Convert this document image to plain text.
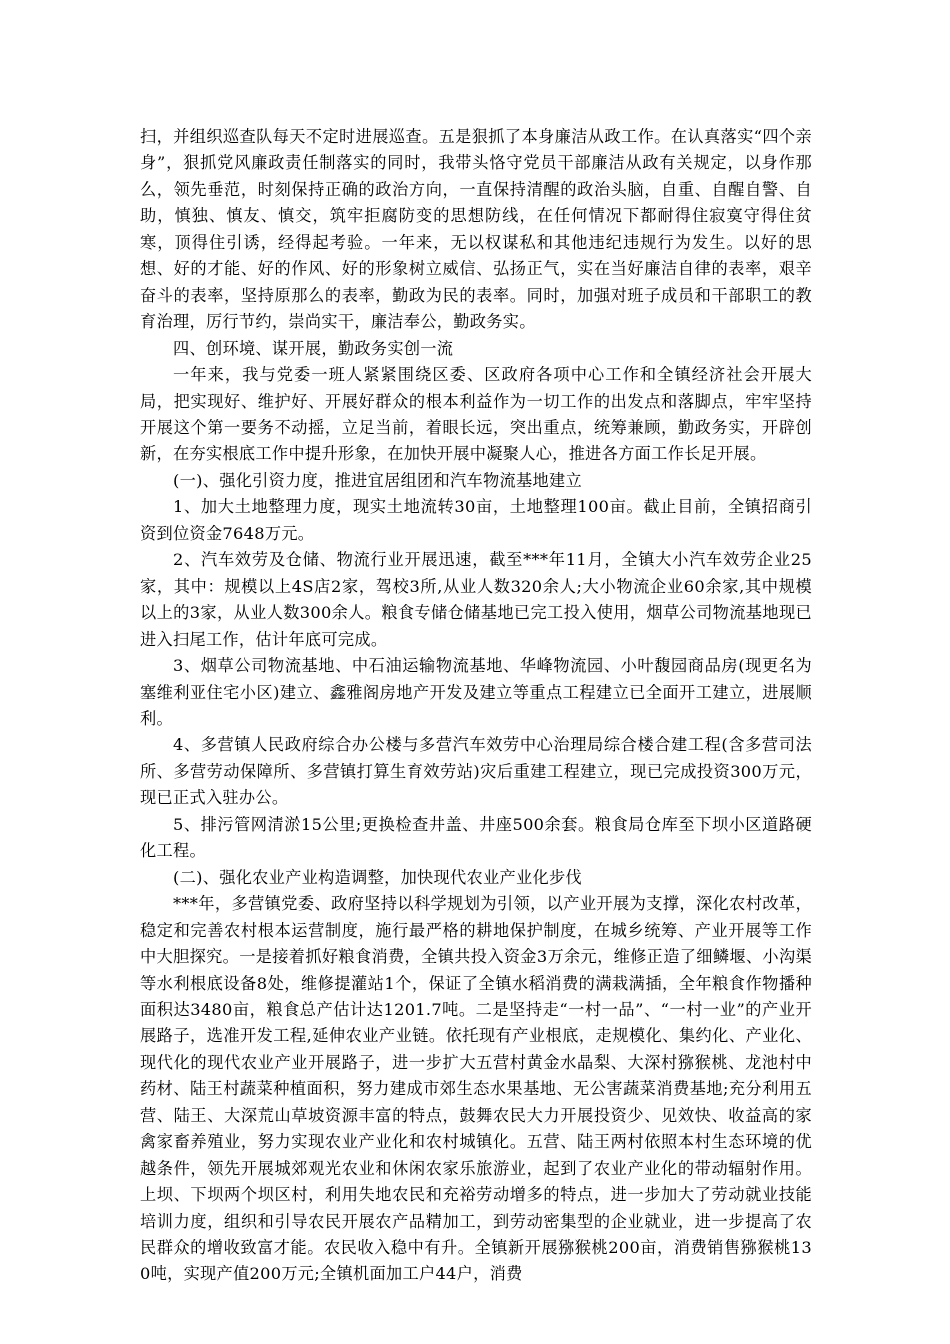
扫，并组织巡查队每天不定时进展巡查。五是狠抓了本身廉洁从政工作。在认真落实“四个亲身”，狠抓党风廉政责任制落实的同时，我带头恪守党员干部廉洁从政有关规定，以身作那么，领先垂范，时刻保持正确的政治方向，一直保持清醒的政治头脑，自重、自醒自警、自助，慎独、慎友、慎交，筑牢拒腐防变的思想防线，在任何情况下都耐得住寂寞守得住贫寒，顶得住引诱，经得起考验。一年来，无以权谋私和其他违纪违规行为发生。以好的思想、好的才能、好的作风、好的形象树立威信、弘扬正气，实在当好廉洁自律的表率，艰辛奋斗的表率，坚持原那么的表率，勤政为民的表率。同时，加强对班子成员和干部职工的教育治理，厉行节约，崇尚实干，廉洁奉公，勤政务实。

四、创环境、谋开展，勤政务实创一流

一年来，我与党委一班人紧紧围绕区委、区政府各项中心工作和全镇经济社会开展大局，把实现好、维护好、开展好群众的根本利益作为一切工作的出发点和落脚点，牢牢坚持开展这个第一要务不动摇，立足当前，着眼长远，突出重点，统筹兼顾，勤政务实，开辟创新，在夯实根底工作中提升形象，在加快开展中凝聚人心，推进各方面工作长足开展。

(一)、强化引资力度，推进宜居组团和汽车物流基地建立

1、加大土地整理力度，现实土地流转30亩，土地整理100亩。截止目前，全镇招商引资到位资金7648万元。

2、汽车效劳及仓储、物流行业开展迅速，截至***年11月，全镇大小汽车效劳企业25家，其中：规模以上4S店2家，驾校3所,从业人数320余人;大小物流企业60余家,其中规模以上的3家，从业人数300余人。粮食专储仓储基地已完工投入使用，烟草公司物流基地现已进入扫尾工作，估计年底可完成。

3、烟草公司物流基地、中石油运输物流基地、华峰物流园、小叶馥园商品房(现更名为塞维利亚住宅小区)建立、鑫雅阁房地产开发及建立等重点工程建立已全面开工建立，进展顺利。

4、多营镇人民政府综合办公楼与多营汽车效劳中心治理局综合楼合建工程(含多营司法所、多营劳动保障所、多营镇打算生育效劳站)灾后重建工程建立，现已完成投资300万元，现已正式入驻办公。

5、排污管网清淤15公里;更换检查井盖、井座500余套。粮食局仓库至下坝小区道路硬化工程。

(二)、强化农业产业构造调整，加快现代农业产业化步伐

***年，多营镇党委、政府坚持以科学规划为引领，以产业开展为支撑，深化农村改革，稳定和完善农村根本运营制度，施行最严格的耕地保护制度，在城乡统筹、产业开展等工作中大胆探究。一是接着抓好粮食消费，全镇共投入资金3万余元，维修正造了细鳞堰、小沟渠等水利根底设备8处，维修提灌站1个，保证了全镇水稻消费的满栽满插，全年粮食作物播种面积达3480亩，粮食总产估计达1201.7吨。二是坚持走“一村一品”、“一村一业”的产业开展路子，选准开发工程,延伸农业产业链。依托现有产业根底，走规模化、集约化、产业化、现代化的现代农业产业开展路子，进一步扩大五营村黄金水晶梨、大深村猕猴桃、龙池村中药材、陆王村蔬菜种植面积，努力建成市郊生态水果基地、无公害蔬菜消费基地;充分利用五营、陆王、大深荒山草坡资源丰富的特点，鼓舞农民大力开展投资少、见效快、收益高的家禽家畜养殖业，努力实现农业产业化和农村城镇化。五营、陆王两村依照本村生态环境的优越条件，领先开展城郊观光农业和休闲农家乐旅游业，起到了农业产业化的带动辐射作用。上坝、下坝两个坝区村，利用失地农民和充裕劳动增多的特点，进一步加大了劳动就业技能培训力度，组织和引导农民开展农产品精加工，到劳动密集型的企业就业，进一步提高了农民群众的增收致富才能。农民收入稳中有升。全镇新开展猕猴桃200亩，消费销售猕猴桃130吨，实现产值200万元;全镇机面加工户44户，消费
